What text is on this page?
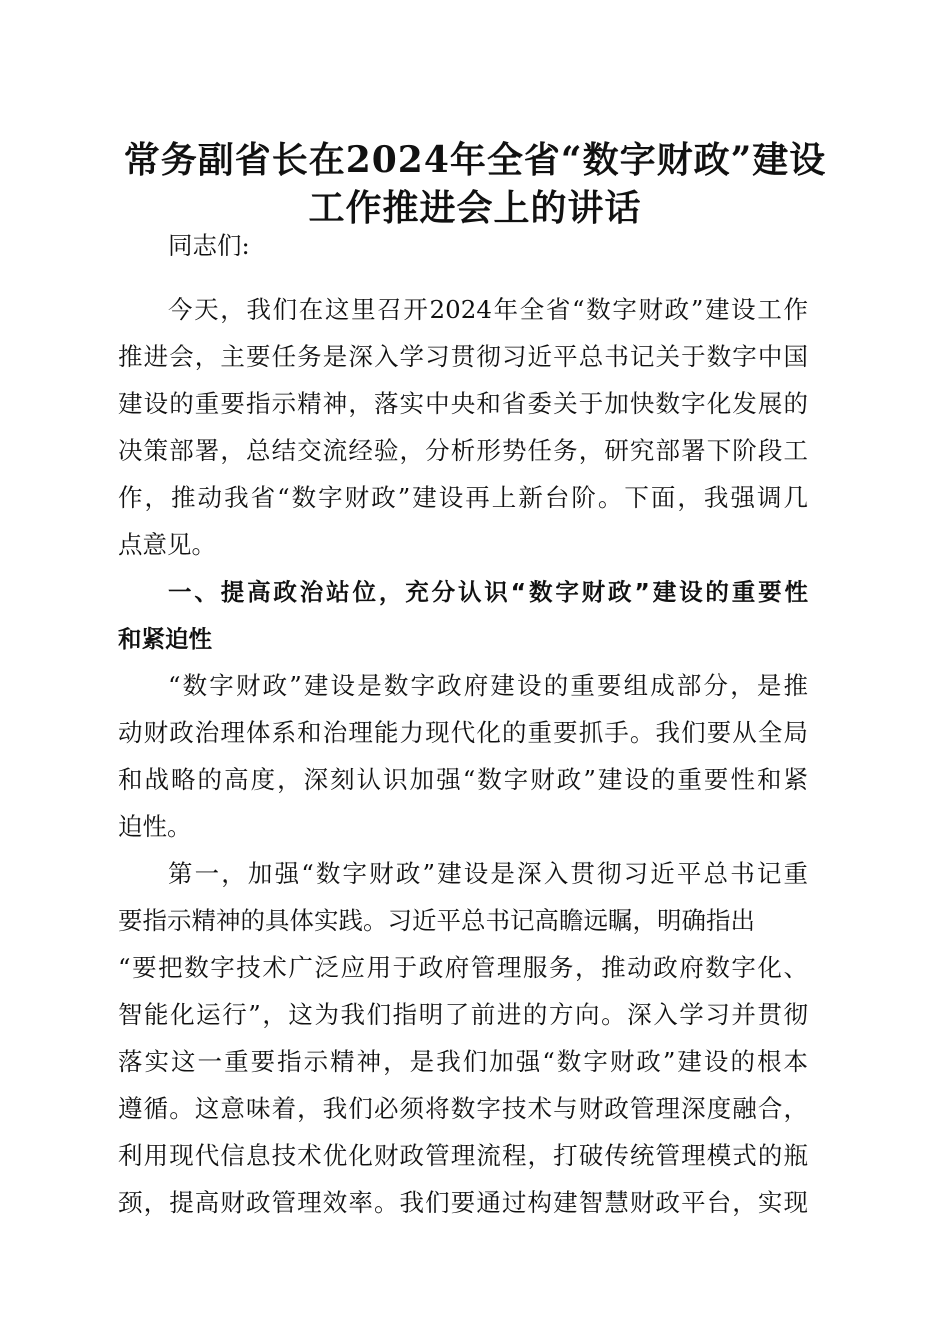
常务副省长在2024年全省“数字财政”建设
工作推进会上的讲话
同志们:
今天，我们在这里召开2024年全省“数字财政”建设工作
推进会，主要任务是深入学习贯彻习近平总书记关于数字中国
建设的重要指示精神，落实中央和省委关于加快数字化发展的
决策部署，总结交流经验，分析形势任务，研究部署下阶段工
作，推动我省“数字财政”建设再上新台阶。下面，我强调几
点意见。
一、提高政治站位，充分认识“数字财政”建设的重要性
和紧迫性
“数字财政”建设是数字政府建设的重要组成部分，是推
动财政治理体系和治理能力现代化的重要抓手。我们要从全局
和战略的高度，深刻认识加强“数字财政”建设的重要性和紧
迫性。
第一，加强“数字财政”建设是深入贯彻习近平总书记重
要指示精神的具体实践。习近平总书记高瞻远瞩，明确指出
“要把数字技术广泛应用于政府管理服务，推动政府数字化、
智能化运行”，这为我们指明了前进的方向。深入学习并贯彻
落实这一重要指示精神，是我们加强“数字财政”建设的根本
遵循。这意味着，我们必须将数字技术与财政管理深度融合，
利用现代信息技术优化财政管理流程，打破传统管理模式的瓶
颈，提高财政管理效率。我们要通过构建智慧财政平台，实现
